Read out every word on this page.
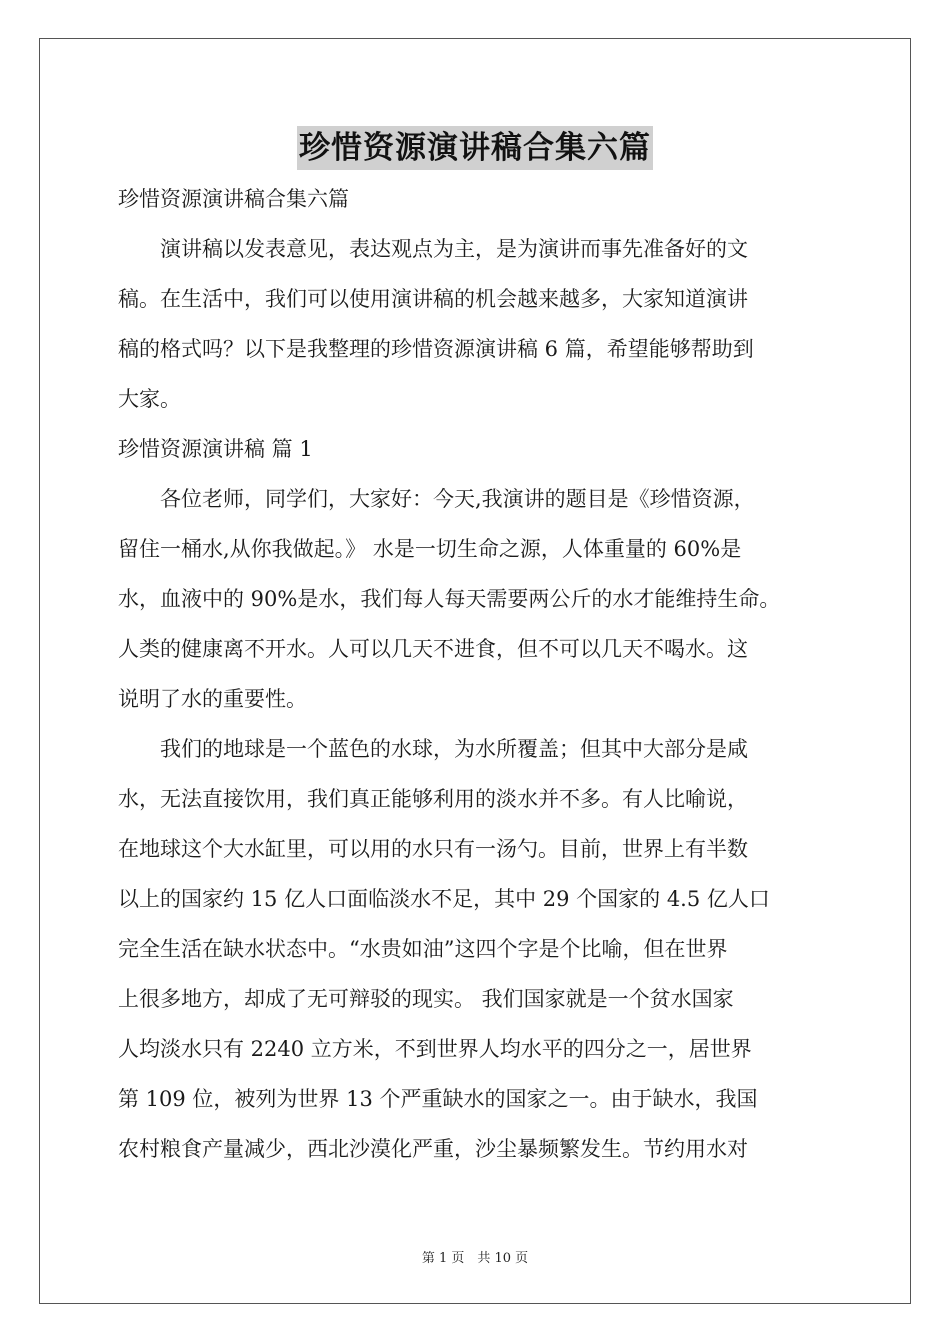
珍惜资源演讲稿合集六篇
珍惜资源演讲稿合集六篇
　　演讲稿以发表意见，表达观点为主，是为演讲而事先准备好的文
稿。在生活中，我们可以使用演讲稿的机会越来越多，大家知道演讲
稿的格式吗？以下是我整理的珍惜资源演讲稿 6 篇，希望能够帮助到
大家。
珍惜资源演讲稿 篇 1
　　各位老师，同学们，大家好：今天,我演讲的题目是《珍惜资源，
留住一桶水,从你我做起。》 水是一切生命之源，人体重量的 60%是
水，血液中的 90%是水，我们每人每天需要两公斤的水才能维持生命。
人类的健康离不开水。人可以几天不进食，但不可以几天不喝水。这
说明了水的重要性。
　　我们的地球是一个蓝色的水球，为水所覆盖；但其中大部分是咸
水，无法直接饮用，我们真正能够利用的淡水并不多。有人比喻说，
在地球这个大水缸里，可以用的水只有一汤勺。目前，世界上有半数
以上的国家约 15 亿人口面临淡水不足，其中 29 个国家的 4.5 亿人口
完全生活在缺水状态中。“水贵如油”这四个字是个比喻，但在世界
上很多地方，却成了无可辩驳的现实。 我们国家就是一个贫水国家
人均淡水只有 2240 立方米，不到世界人均水平的四分之一，居世界
第 109 位，被列为世界 13 个严重缺水的国家之一。由于缺水，我国
农村粮食产量减少，西北沙漠化严重，沙尘暴频繁发生。节约用水对
第 1 页　共 10 页
